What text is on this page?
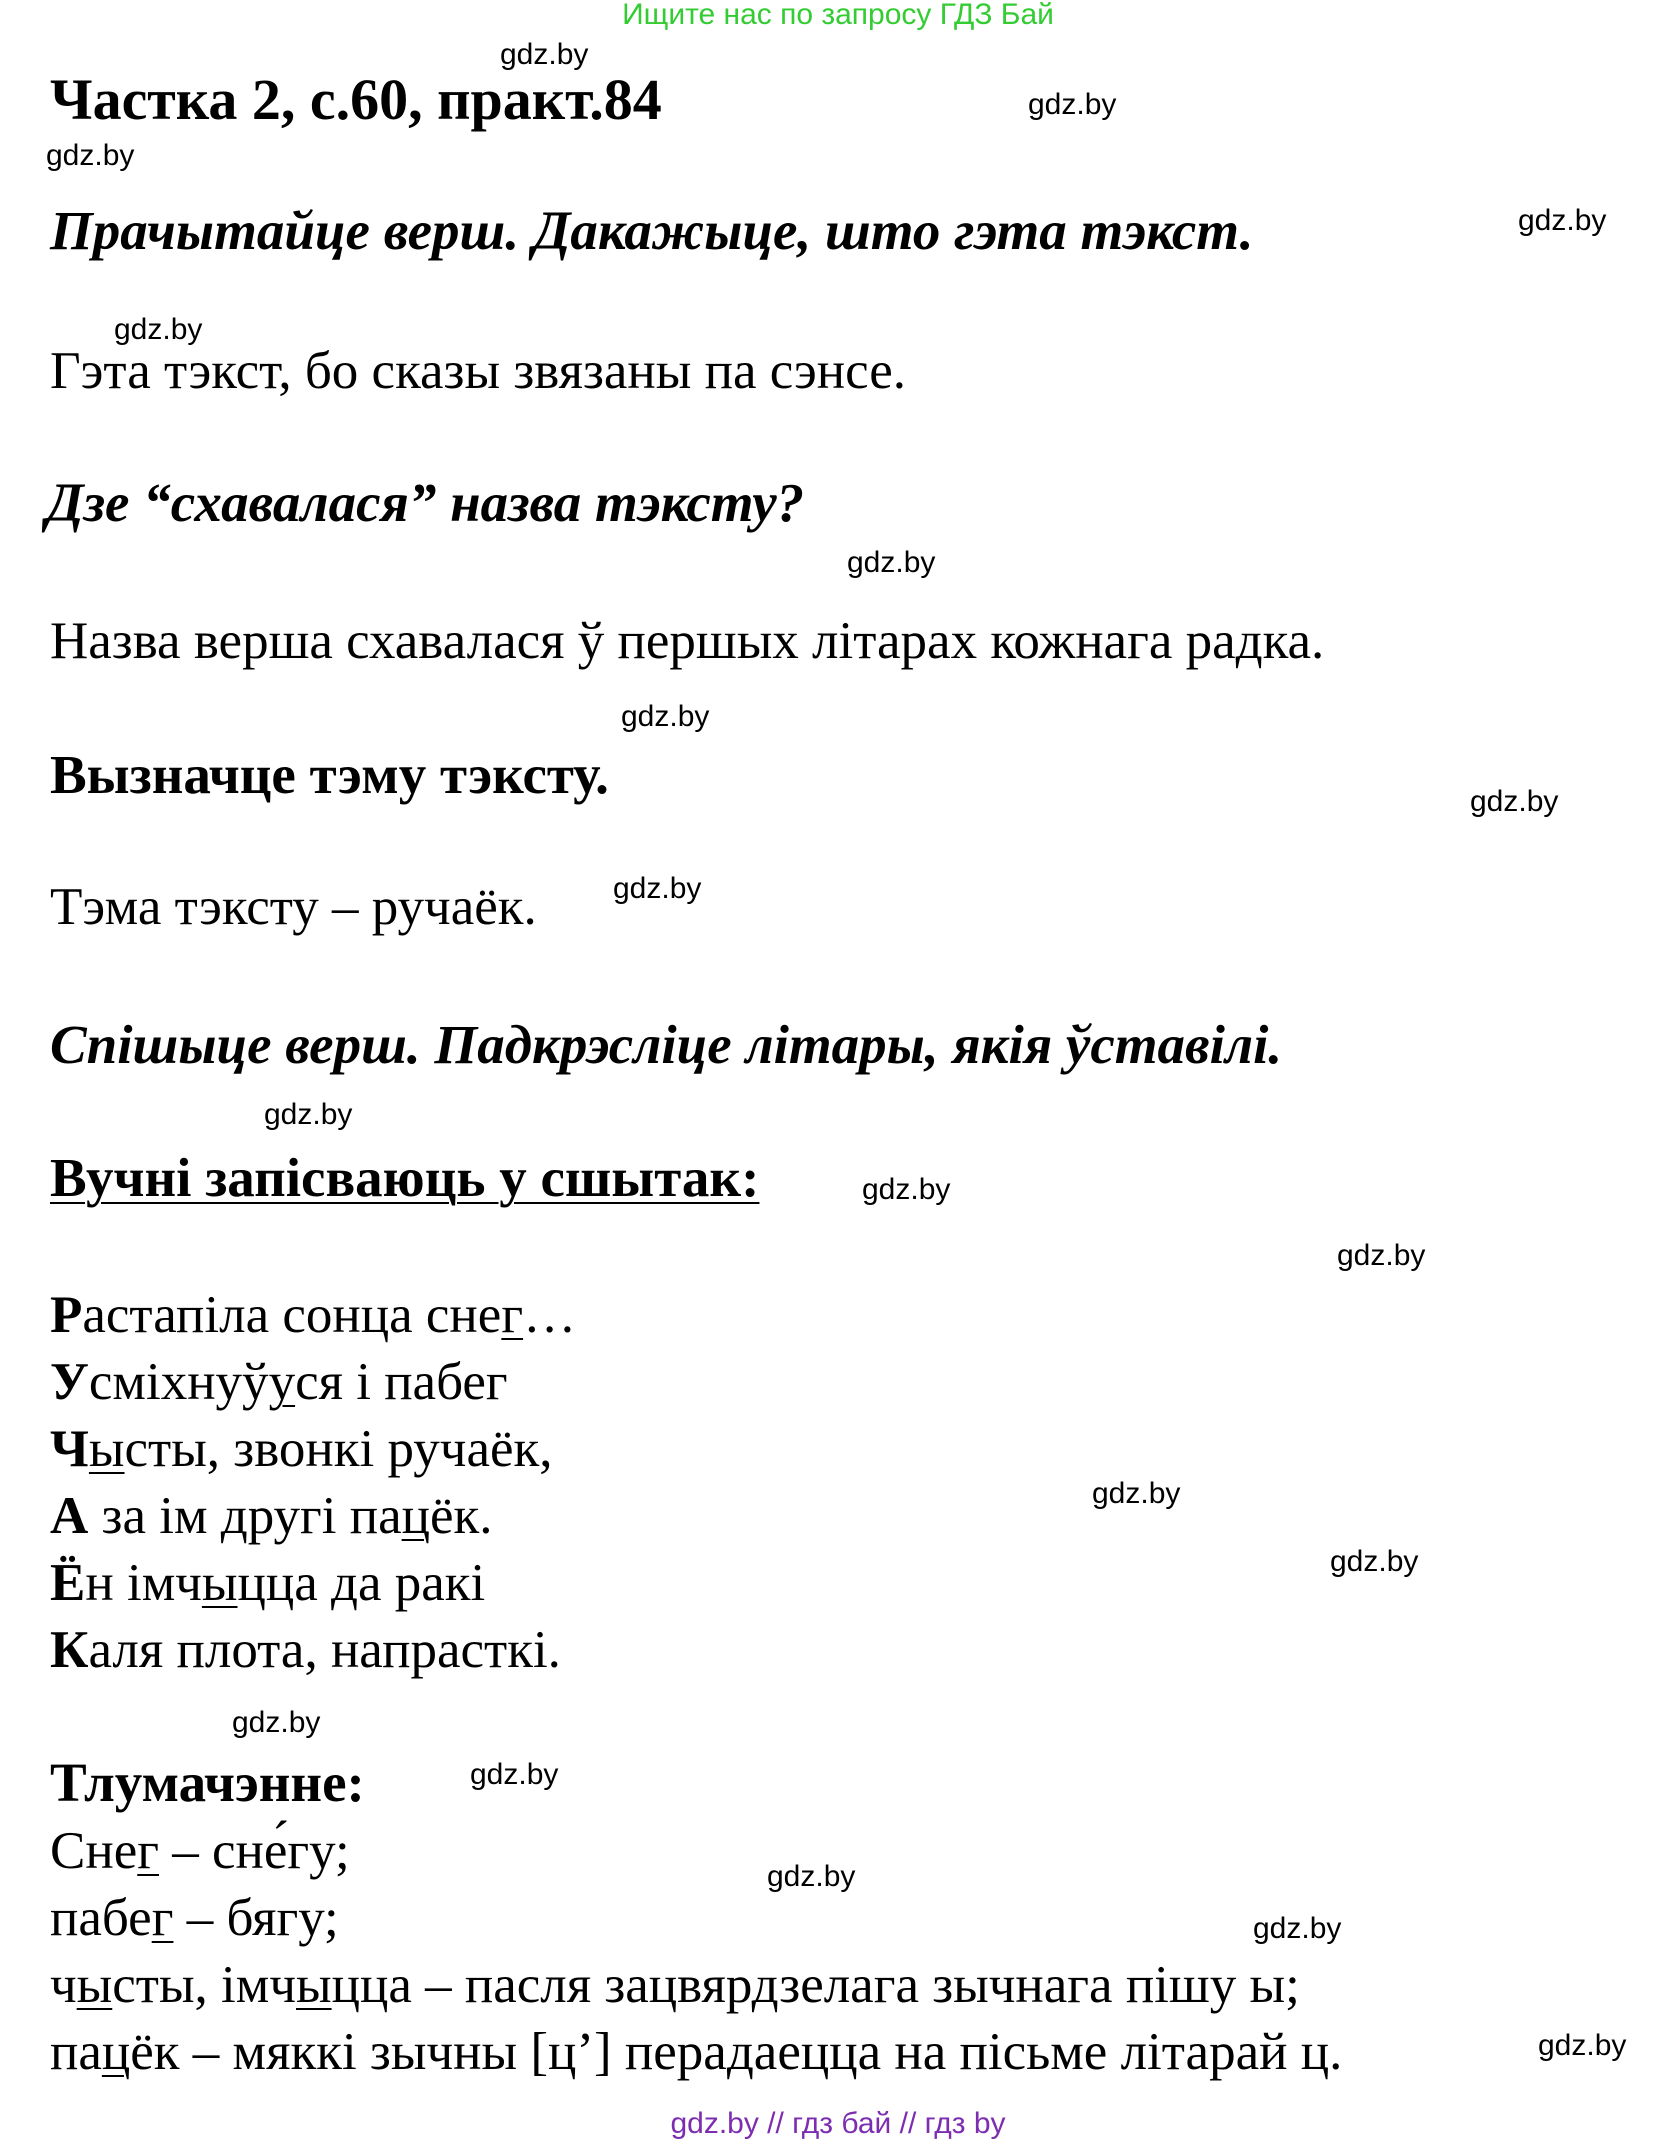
Ищите нас по запросу ГДЗ Бай
gdz.by
Частка 2, с.60, практ.84	gdz.by
gdz.by
Прачытайце верш. Дакажыце, што гэта тэкст.	gdz.by
gdz.by
Гэта тэкст, бо сказы звязаны па сэнсе.
Дзе “схавалася” назва тэксту?
gdz.by
Назва верша схавалася ў першых літарах кожнага радка.
gdz.by
Вызначце тэму тэксту.	gdz.by
Тэма тэксту – ручаёк.	gdz.by
Спішыце верш. Падкрэсліце літары, якія ўставілі.
gdz.by
Вучні запісваюць у сшытак:	gdz.by
gdz.by
Растапіла сонца снег…
Усміхнуўуся і пабег
Чысты, звонкі ручаёк,
А за ім другі пацёк.
Ён імчыцца да ракі
Каля плота, напрасткі.
gdz.by
gdz.by
gdz.by
Тлумачэнне:	gdz.by
Снег – сне́гу;
пабег – бягу;
чысты, імчыцца – пасля зацвярдзелага зычнага пішу ы;
пацёк – мяккі зычны [ц’] перадаецца на пісьме літарай ц.
gdz.by
gdz.by
gdz.by
gdz.by // гдз бай // гдз by
